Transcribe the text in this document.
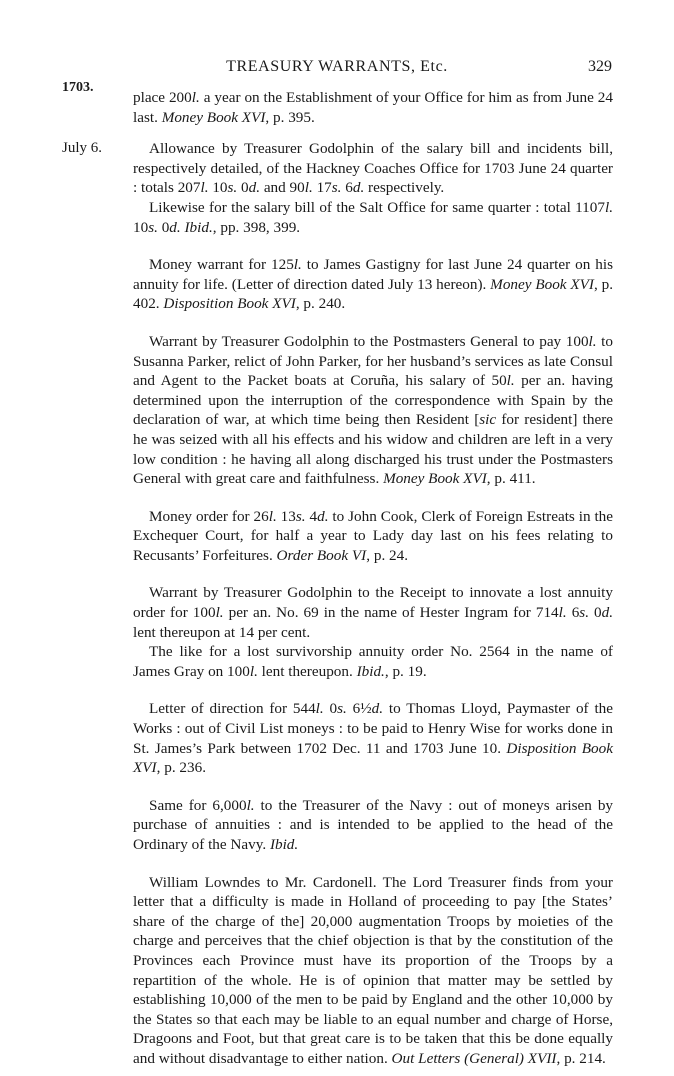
TREASURY WARRANTS, Etc.	329
1703.

place 200l. a year on the Establishment of your Office for him as from June 24 last. Money Book XVI, p. 395.

July 6.	Allowance by Treasurer Godolphin of the salary bill and incidents bill, respectively detailed, of the Hackney Coaches Office for 1703 June 24 quarter : totals 207l. 10s. 0d. and 90l. 17s. 6d. respectively.

Likewise for the salary bill of the Salt Office for same quarter : total 1107l. 10s. 0d. Ibid., pp. 398, 399.

Money warrant for 125l. to James Gastigny for last June 24 quarter on his annuity for life. (Letter of direction dated July 13 hereon). Money Book XVI, p. 402. Disposition Book XVI, p. 240.

Warrant by Treasurer Godolphin to the Postmasters General to pay 100l. to Susanna Parker, relict of John Parker, for her husband’s services as late Consul and Agent to the Packet boats at Coruña, his salary of 50l. per an. having determined upon the interruption of the correspondence with Spain by the declaration of war, at which time being then Resident [sic for resident] there he was seized with all his effects and his widow and children are left in a very low condition : he having all along discharged his trust under the Postmasters General with great care and faithfulness. Money Book XVI, p. 411.

Money order for 26l. 13s. 4d. to John Cook, Clerk of Foreign Estreats in the Exchequer Court, for half a year to Lady day last on his fees relating to Recusants’ Forfeitures. Order Book VI, p. 24.

Warrant by Treasurer Godolphin to the Receipt to innovate a lost annuity order for 100l. per an. No. 69 in the name of Hester Ingram for 714l. 6s. 0d. lent thereupon at 14 per cent.

The like for a lost survivorship annuity order No. 2564 in the name of James Gray on 100l. lent thereupon. Ibid., p. 19.

Letter of direction for 544l. 0s. 6½d. to Thomas Lloyd, Paymaster of the Works : out of Civil List moneys : to be paid to Henry Wise for works done in St. James’s Park between 1702 Dec. 11 and 1703 June 10. Disposition Book XVI, p. 236.

Same for 6,000l. to the Treasurer of the Navy : out of moneys arisen by purchase of annuities : and is intended to be applied to the head of the Ordinary of the Navy. Ibid.

William Lowndes to Mr. Cardonell. The Lord Treasurer finds from your letter that a difficulty is made in Holland of proceeding to pay [the States’ share of the charge of the] 20,000 augmentation Troops by moieties of the charge and perceives that the chief objection is that by the constitution of the Provinces each Province must have its proportion of the Troops by a repartition of the whole. He is of opinion that matter may be settled by establishing 10,000 of the men to be paid by England and the other 10,000 by the States so that each may be liable to an equal number and charge of Horse, Dragoons and Foot, but that great care is to be taken that this be done equally and without disadvantage to either nation. Out Letters (General) XVII, p. 214.
